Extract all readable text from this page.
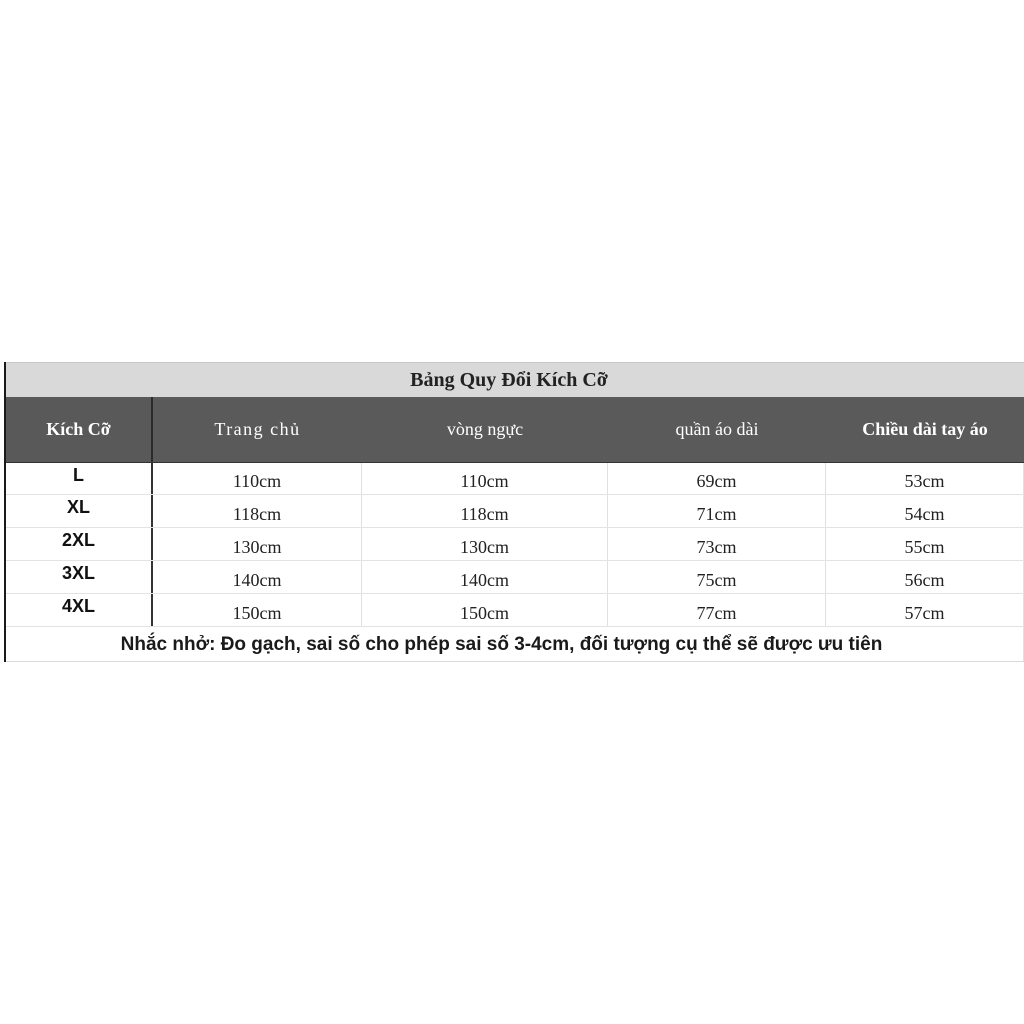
Bảng Quy Đổi Kích Cỡ
Kích Cỡ	Trang chủ	vòng ngực	quần áo dài	Chiều dài tay áo
L	110cm	110cm	69cm	53cm
XL	118cm	118cm	71cm	54cm
2XL	130cm	130cm	73cm	55cm
3XL	140cm	140cm	75cm	56cm
4XL	150cm	150cm	77cm	57cm
Nhắc nhở: Đo gạch, sai số cho phép sai số 3-4cm, đối tượng cụ thể sẽ được ưu tiên
